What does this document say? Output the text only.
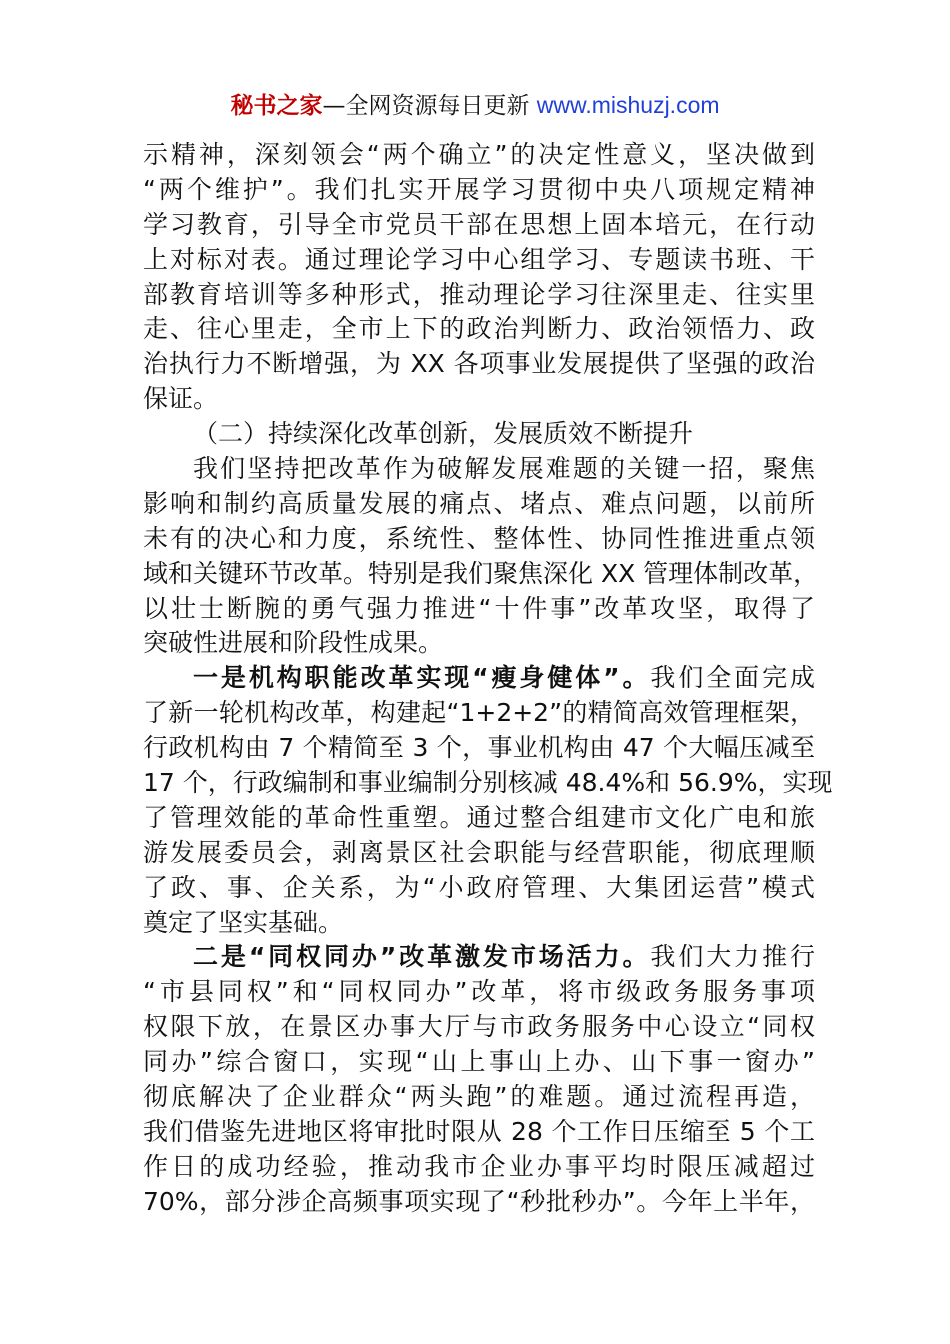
秘书之家—全网资源每日更新 www.mishuzj.com
示精神，深刻领会“两个确立”的决定性意义，坚决做到
“两个维护”。我们扎实开展学习贯彻中央八项规定精神
学习教育，引导全市党员干部在思想上固本培元，在行动
上对标对表。通过理论学习中心组学习、专题读书班、干
部教育培训等多种形式，推动理论学习往深里走、往实里
走、往心里走，全市上下的政治判断力、政治领悟力、政
治执行力不断增强，为 XX 各项事业发展提供了坚强的政治
保证。
（二）持续深化改革创新，发展质效不断提升
我们坚持把改革作为破解发展难题的关键一招，聚焦
影响和制约高质量发展的痛点、堵点、难点问题，以前所
未有的决心和力度，系统性、整体性、协同性推进重点领
域和关键环节改革。特别是我们聚焦深化 XX 管理体制改革，
以壮士断腕的勇气强力推进“十件事”改革攻坚，取得了
突破性进展和阶段性成果。
一是机构职能改革实现“瘦身健体”。我们全面完成
了新一轮机构改革，构建起“1+2+2”的精简高效管理框架，
行政机构由 7 个精简至 3 个，事业机构由 47 个大幅压减至
17 个，行政编制和事业编制分别核减 48.4%和 56.9%，实现
了管理效能的革命性重塑。通过整合组建市文化广电和旅
游发展委员会，剥离景区社会职能与经营职能，彻底理顺
了政、事、企关系，为“小政府管理、大集团运营”模式
奠定了坚实基础。
二是“同权同办”改革激发市场活力。我们大力推行
“市县同权”和“同权同办”改革，将市级政务服务事项
权限下放，在景区办事大厅与市政务服务中心设立“同权
同办”综合窗口，实现“山上事山上办、山下事一窗办”
彻底解决了企业群众“两头跑”的难题。通过流程再造，
我们借鉴先进地区将审批时限从 28 个工作日压缩至 5 个工
作日的成功经验，推动我市企业办事平均时限压减超过
70%，部分涉企高频事项实现了“秒批秒办”。今年上半年，
